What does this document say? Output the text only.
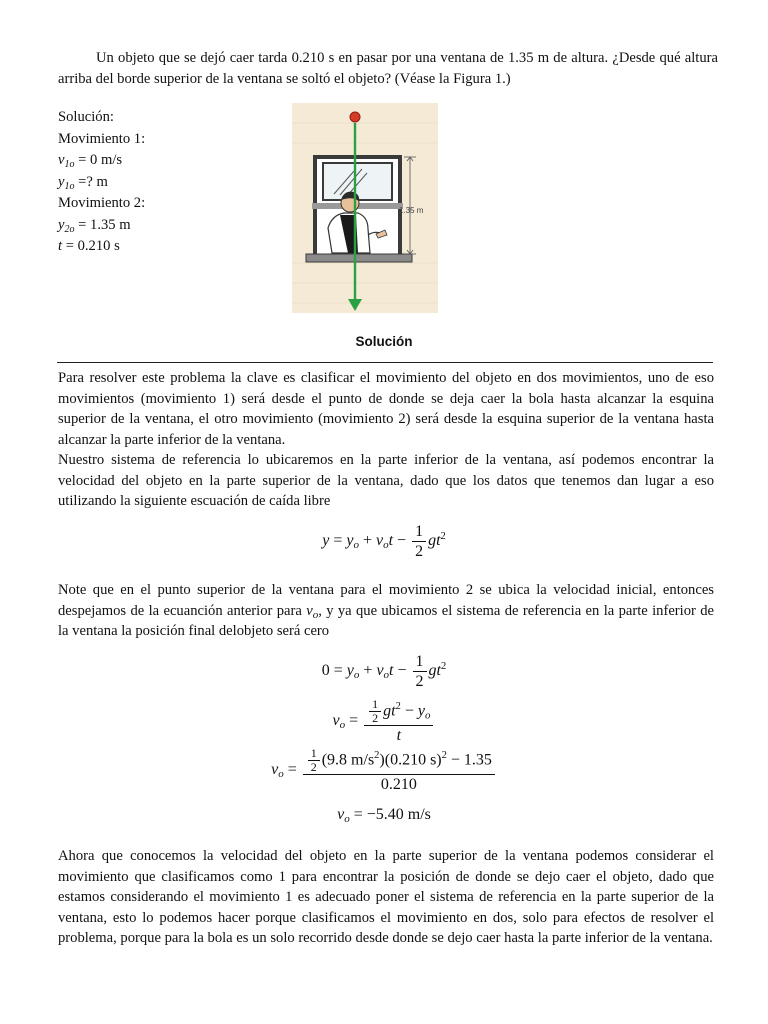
Un objeto que se dejó caer tarda 0.210 s en pasar por una ventana de 1.35 m de altura. ¿Desde qué altura arriba del borde superior de la ventana se soltó el objeto? (Véase la Figura 1.)

Solución:
Movimiento 1:
$v_{1o} = 0$ m/s
$y_{1o}$ =? m
Movimiento 2:
$y_{2o} = 1.35$ m
t = 0.210 s
1.35 m
Solución

Para resolver este problema la clave es clasificar el movimiento del objeto en dos movimientos, uno de eso movimientos (movimiento 1) será desde el punto de donde se deja caer la bola hasta alcanzar la esquina superior de la ventana, el otro movimiento (movimiento 2) será desde la esquina superior de la ventana hasta alcanzar la parte inferior de la ventana.

Nuestro sistema de referencia lo ubicaremos en la parte inferior de la ventana, así podemos encontrar la velocidad del objeto en la parte superior de la ventana, dado que los datos que tenemos dan lugar a eso utilizando la siguiente escuación de caída libre

$y = y_o + v_ot - \frac{1}{2} gt^2$

Note que en el punto superior de la ventana para el movimiento 2 se ubica la velocidad inicial, entonces despejamos de la ecuanción anterior para $v_o$, y ya que ubicamos el sistema de referencia en la parte inferior de la ventana la posición final delobjeto será cero

$0 = y_o + v_ot - \frac{1}{2} gt^2$
$v_o = \frac{\frac{1}{2} gt^2 - y_o}{t}$
$v_o = \frac{\frac{1}{2} (9.8 m/s^2)(0.210 s)^2 - 1.35}{0.210}$
$v_o = -5.40$ m/s

Ahora que conocemos la velocidad del objeto en la parte superior de la ventana podemos considerar el movimiento que clasificamos como 1 para encontrar la posición de donde se dejo caer el objeto, dado que estamos considerando el movimiento 1 es adecuado poner el sistema de referencia en la parte superior de la ventana, esto lo podemos hacer porque clasificamos el movimiento en dos, solo para efectos de resolver el problema, porque para la bola es un solo recorrido desde donde se dejo caer hasta la parte inferior de la ventana.
